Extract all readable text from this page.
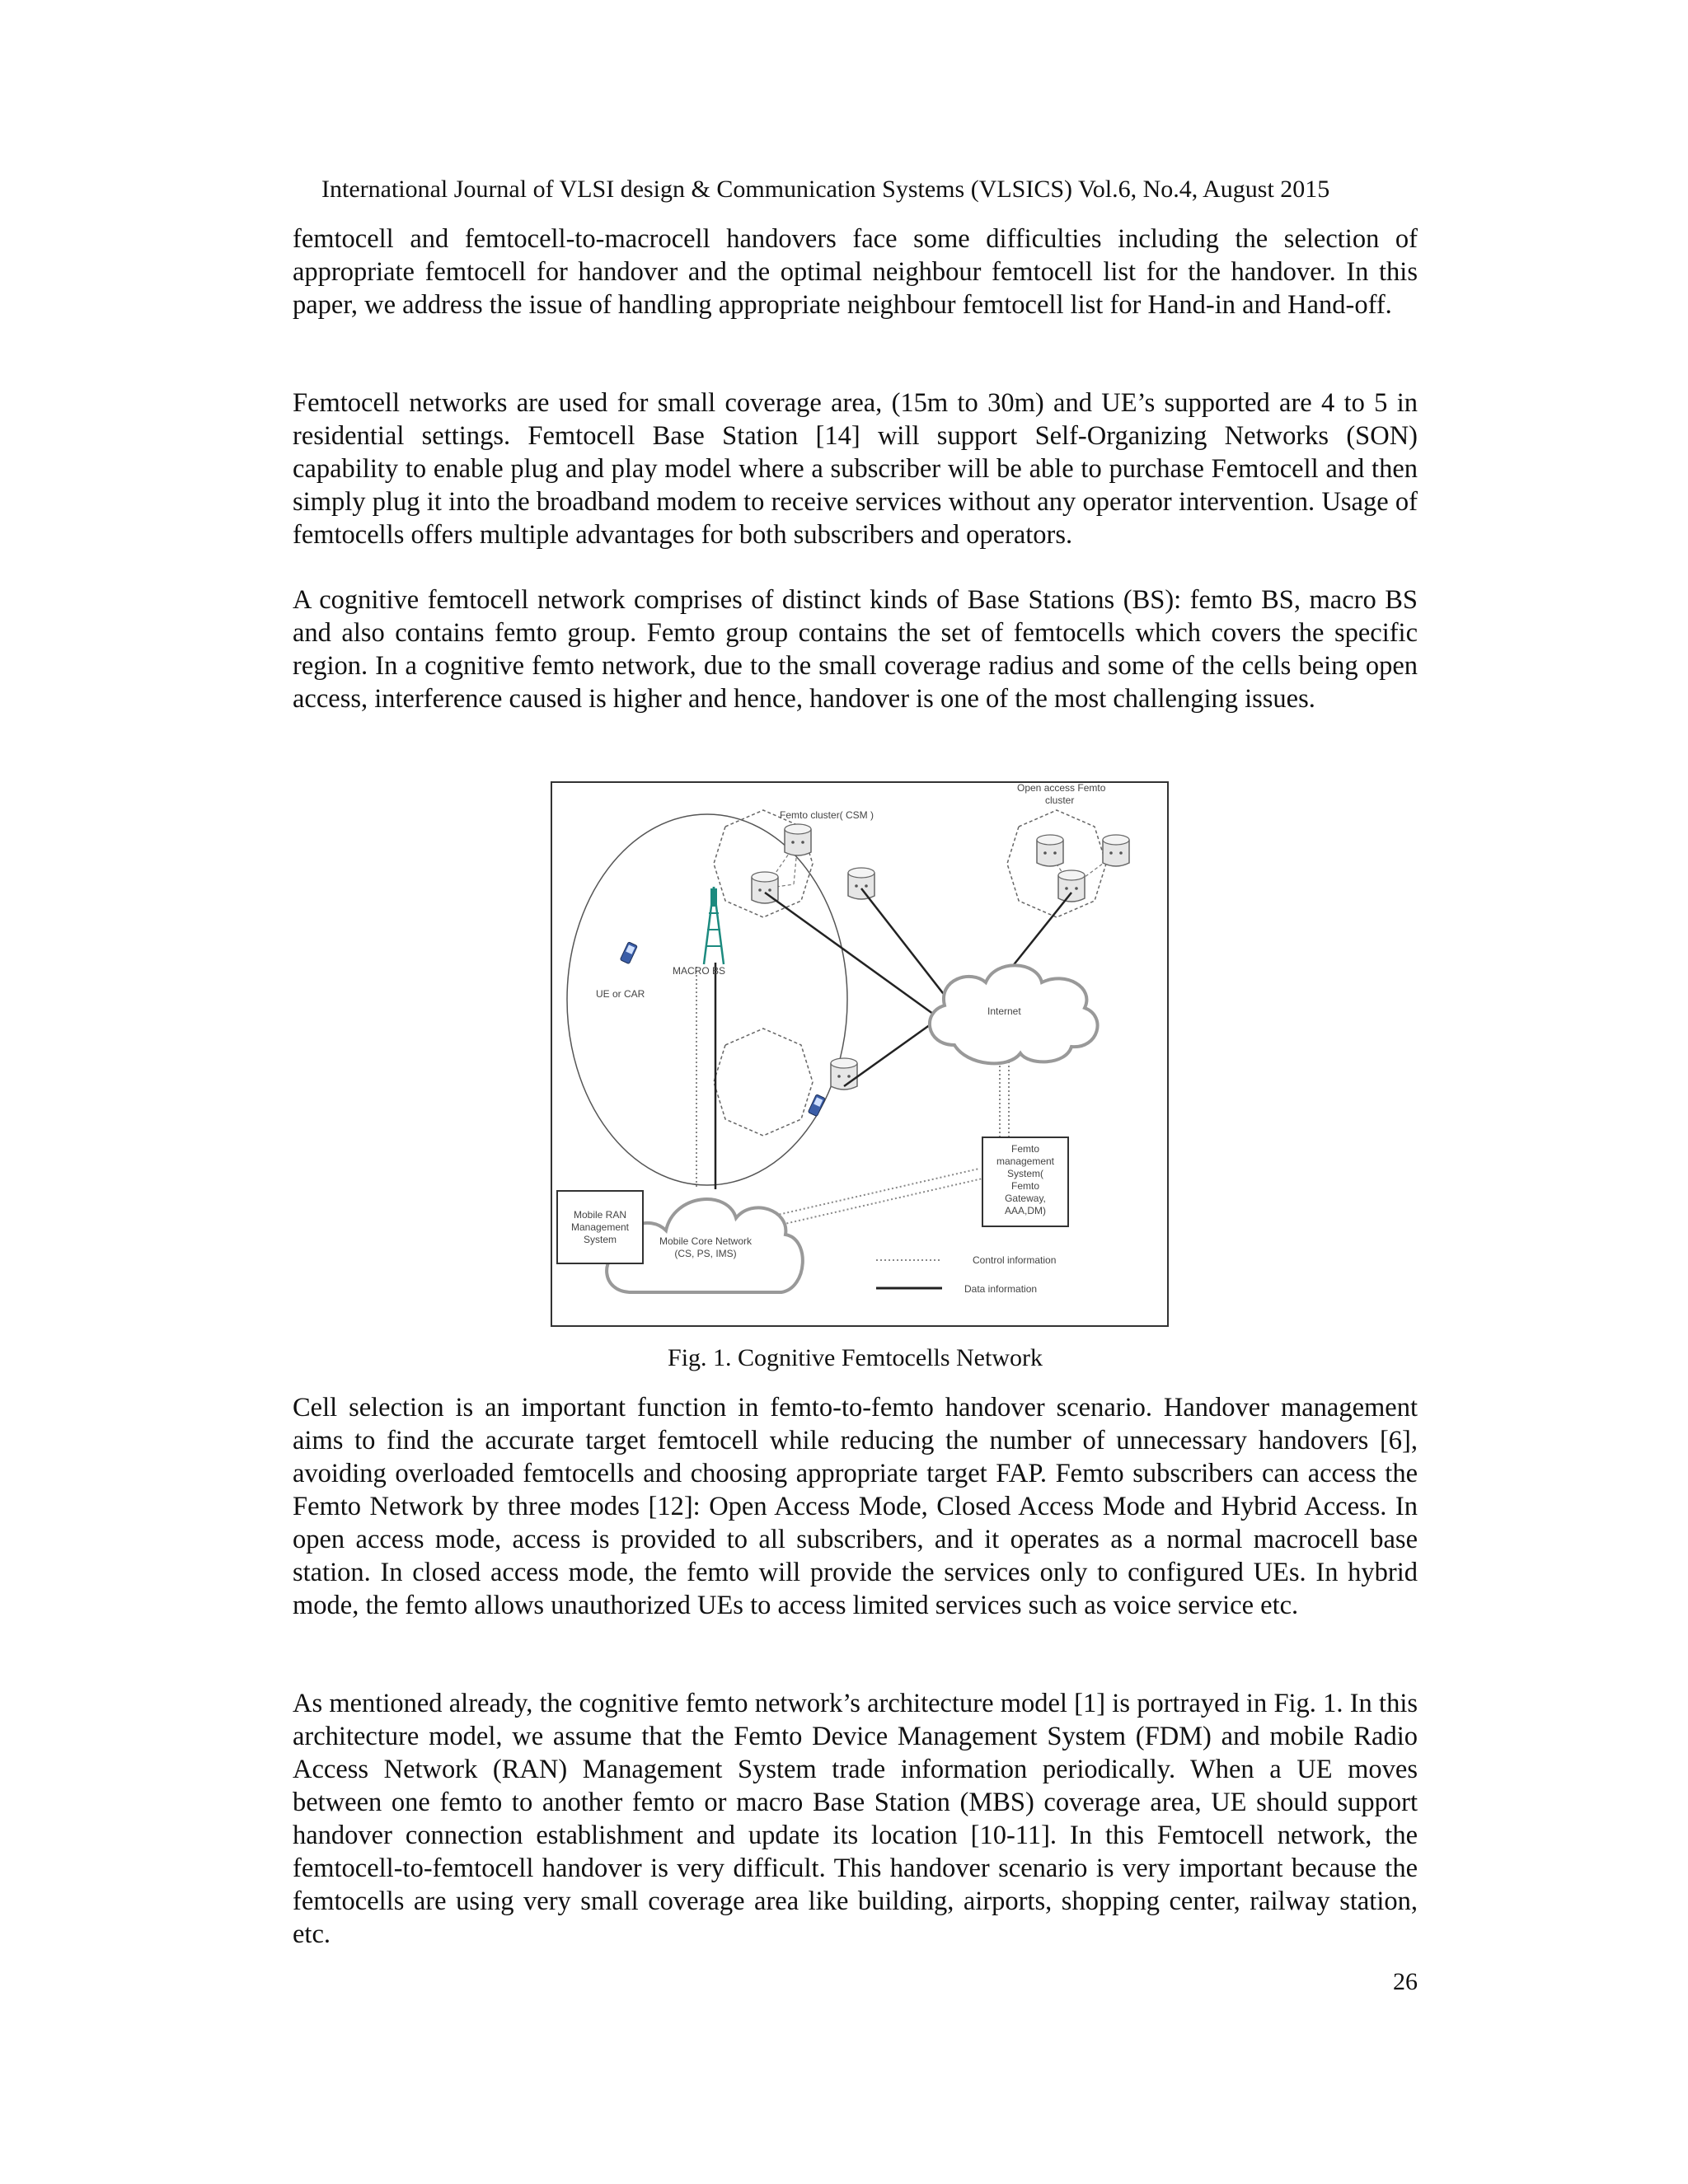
International Journal of VLSI design & Communication Systems (VLSICS) Vol.6, No.4, August 2015

femtocell and femtocell-to-macrocell handovers face some difficulties including the selection of appropriate femtocell for handover and the optimal neighbour femtocell list for the handover. In this paper, we address the issue of handling appropriate neighbour femtocell list for Hand-in and Hand-off.

Femtocell networks are used for small coverage area, (15m to 30m) and UE’s supported are 4 to 5 in residential settings. Femtocell Base Station [14] will support Self-Organizing Networks (SON) capability to enable plug and play model where a subscriber will be able to purchase Femtocell and then simply plug it into the broadband modem to receive services without any operator intervention. Usage of femtocells offers multiple advantages for both subscribers and operators.

A cognitive femtocell network comprises of distinct kinds of Base Stations (BS): femto BS, macro BS and also contains femto group. Femto group contains the set of femtocells which covers the specific region. In a cognitive femto network, due to the small coverage radius and some of the cells being open access, interference caused is higher and hence, handover is one of the most challenging issues.

Femto cluster( CSM )
Open access Femto
cluster
MACRO BS
UE or CAR
Internet
Femto
management
System(
Femto
Gateway,
AAA,DM)
Mobile RAN
Management
System	Mobile Core Network
(CS, PS, IMS)
Control information
Data information
Fig. 1. Cognitive Femtocells Network

Cell selection is an important function in femto-to-femto handover scenario. Handover management aims to find the accurate target femtocell while reducing the number of unnecessary handovers [6], avoiding overloaded femtocells and choosing appropriate target FAP. Femto subscribers can access the Femto Network by three modes [12]: Open Access Mode, Closed Access Mode and Hybrid Access. In open access mode, access is provided to all subscribers, and it operates as a normal macrocell base station. In closed access mode, the femto will provide the services only to configured UEs. In hybrid mode, the femto allows unauthorized UEs to access limited services such as voice service etc.

As mentioned already, the cognitive femto network’s architecture model [1] is portrayed in Fig. 1. In this architecture model, we assume that the Femto Device Management System (FDM) and mobile Radio Access Network (RAN) Management System trade information periodically. When a UE moves between one femto to another femto or macro Base Station (MBS) coverage area, UE should support handover connection establishment and update its location [10-11]. In this Femtocell network, the femtocell-to-femtocell handover is very difficult. This handover scenario is very important because the femtocells are using very small coverage area like building, airports, shopping center, railway station, etc.

26
